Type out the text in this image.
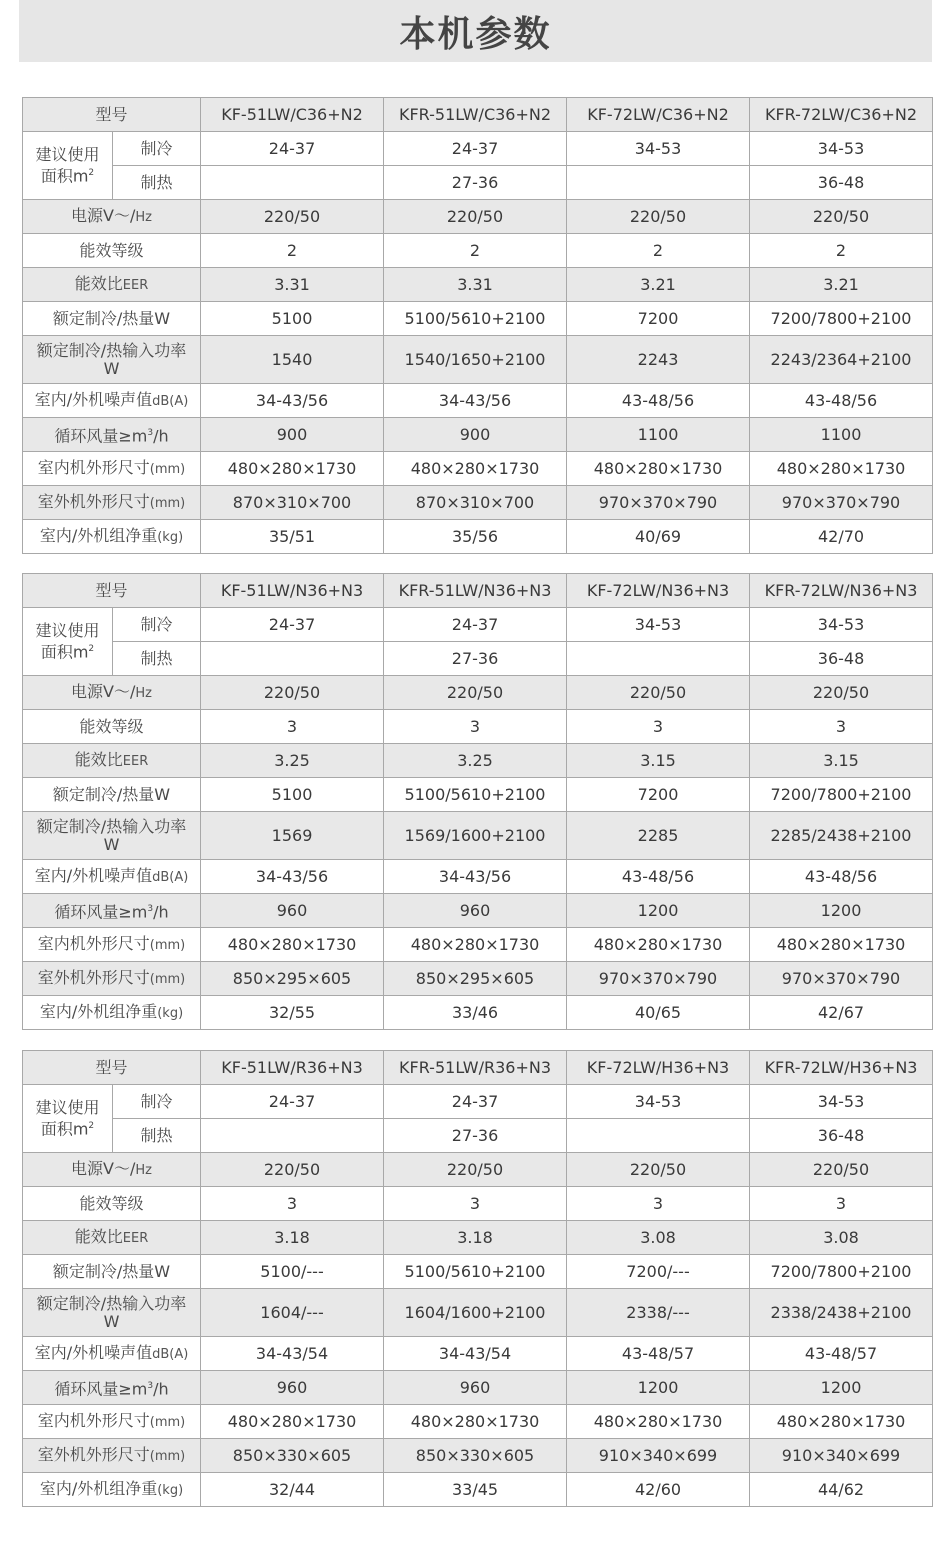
本机参数
型号		KF-51LW/C36+N2	KFR-51LW/C36+N2	KF-72LW/C36+N2	KFR-72LW/C36+N2
建议使用
面积$m^2$	制冷	24-37	24-37	34-53	34-53
	制热		27-36		36-48
电源V～/Hz		220/50	220/50	220/50	220/50
能效等级		2	2	2	2
能效比EER		3.31	3.31	3.21	3.21
额定制冷/热量W		5100	5100/5610+2100	7200	7200/7800+2100
额定制冷/热输入功率
W		1540	1540/1650+2100	2243	2243/2364+2100
室内/外机噪声值dB(A)		34-43/56	34-43/56	43-48/56	43-48/56
循环风量$\ge m^3/h$		900	900	1100	1100
室内机外形尺寸(mm)		480×280×1730	480×280×1730	480×280×1730	480×280×1730
室外机外形尺寸(mm)		870×310×700	870×310×700	970×370×790	970×370×790
室内/外机组净重(kg)		35/51	35/56	40/69	42/70
型号		KF-51LW/N36+N3	KFR-51LW/N36+N3	KF-72LW/N36+N3	KFR-72LW/N36+N3
建议使用
面积$m^2$	制冷	24-37	24-37	34-53	34-53
	制热		27-36		36-48
电源V～/Hz		220/50	220/50	220/50	220/50
能效等级		3	3	3	3
能效比EER		3.25	3.25	3.15	3.15
额定制冷/热量W		5100	5100/5610+2100	7200	7200/7800+2100
额定制冷/热输入功率
W		1569	1569/1600+2100	2285	2285/2438+2100
室内/外机噪声值dB(A)		34-43/56	34-43/56	43-48/56	43-48/56
循环风量$\ge m^3/h$		960	960	1200	1200
室内机外形尺寸(mm)		480×280×1730	480×280×1730	480×280×1730	480×280×1730
室外机外形尺寸(mm)		850×295×605	850×295×605	970×370×790	970×370×790
室内/外机组净重(kg)		32/55	33/46	40/65	42/67
型号		KF-51LW/R36+N3	KFR-51LW/R36+N3	KF-72LW/H36+N3	KFR-72LW/H36+N3
建议使用
面积$m^2$	制冷	24-37	24-37	34-53	34-53
	制热		27-36		36-48
电源V～/Hz		220/50	220/50	220/50	220/50
能效等级		3	3	3	3
能效比EER		3.18	3.18	3.08	3.08
额定制冷/热量W		5100/---	5100/5610+2100	7200/---	7200/7800+2100
额定制冷/热输入功率
W		1604/---	1604/1600+2100	2338/---	2338/2438+2100
室内/外机噪声值dB(A)		34-43/54	34-43/54	43-48/57	43-48/57
循环风量$\ge m^3/h$		960	960	1200	1200
室内机外形尺寸(mm)		480×280×1730	480×280×1730	480×280×1730	480×280×1730
室外机外形尺寸(mm)		850×330×605	850×330×605	910×340×699	910×340×699
室内/外机组净重(kg)		32/44	33/45	42/60	44/62
